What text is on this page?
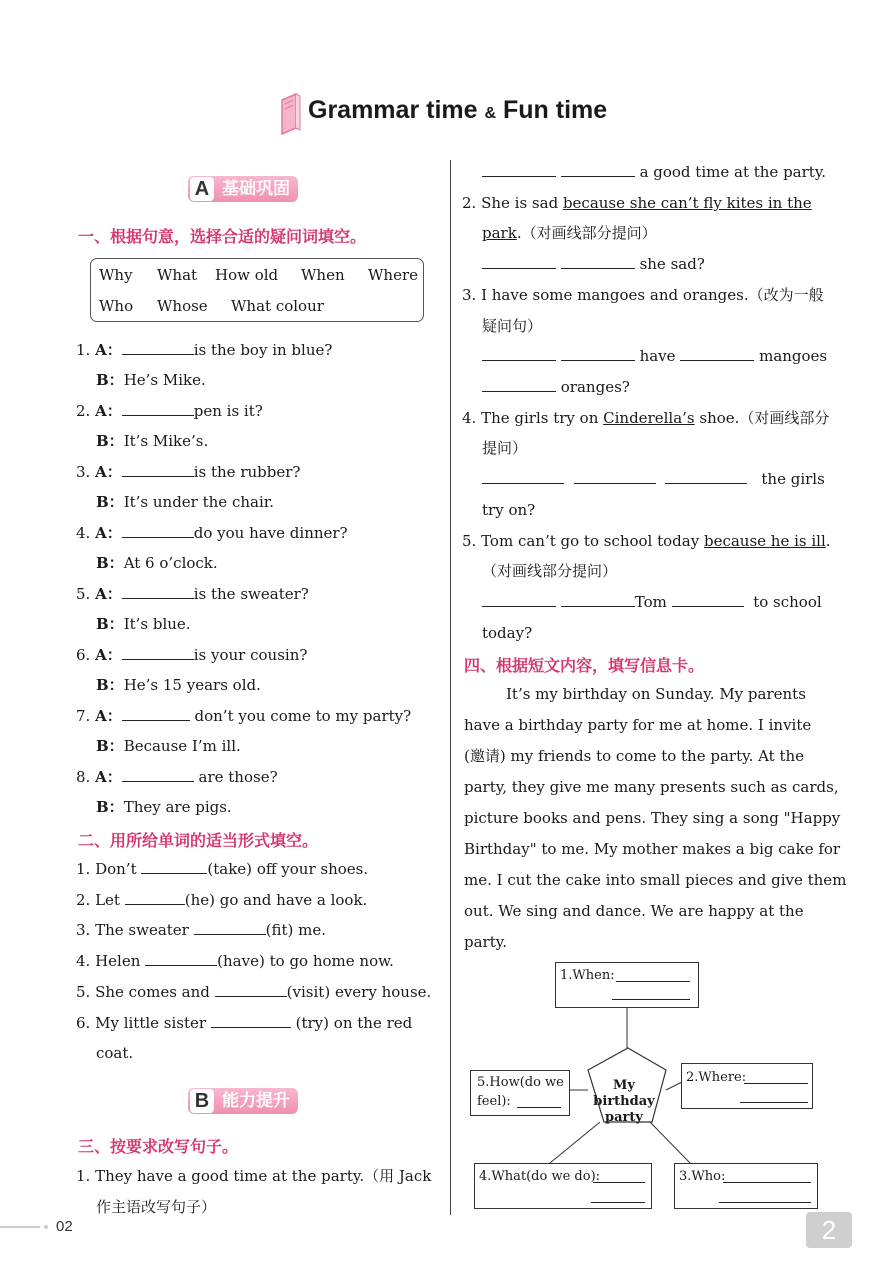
Grammar time & Fun time
A 基础巩固
一、根据句意，选择合适的疑问词填空。
Why What How old When Where
Who Whose What colour
1. A：	is the boy in blue?
B：He’s Mike.
2. A：	pen is it?
B：It’s Mike’s.
3. A：	is the rubber?
B：It’s under the chair.
4. A：	do you have dinner?
B：At 6 o’clock.
5. A：	is the sweater?
B：It’s blue.
6. A：	is your cousin?
B：He’s 15 years old.
7. A：	don’t you come to my party?
B：Because I’m ill.
8. A：	are those?
B：They are pigs.
二、用所给单词的适当形式填空。
1. Don’t	(take) off your shoes.
2. Let	(he) go and have a look.
3. The sweater	(fit) me.
4. Helen	(have) to go home now.
5. She comes and	(visit) every house.
6. My little sister	(try) on the red
coat.
B 能力提升
三、按要求改写句子。
1. They have a good time at the party.（用 Jack
作主语改写句子）
a good time at the party.
2. She is sad because she can’t fly kites in the
park.（对画线部分提问）
she sad?
3. I have some mangoes and oranges.（改为一般
疑问句）
have	mangoes
oranges?
4. The girls try on Cinderella’s shoe.（对画线部分
提问）
the girls
try on?
5. Tom can’t go to school today because he is ill.
（对画线部分提问）
Tom	to school
today?
四、根据短文内容，填写信息卡。
It’s my birthday on Sunday. My parents
have a birthday party for me at home. I invite
(邀请) my friends to come to the party. At the
party, they give me many presents such as cards,
picture books and pens. They sing a song "Happy
Birthday" to me. My mother makes a big cake for
me. I cut the cake into small pieces and give them
out. We sing and dance. We are happy at the
party.
My birthday
party
1.When:
2.Where:
5.How(do we
feel):
4.What(do we do):	3.Who:
02	2
